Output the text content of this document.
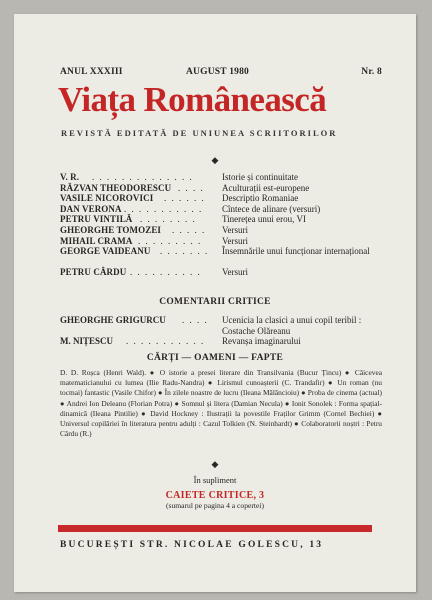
ANUL XXXIII	AUGUST 1980	Nr. 8
Viața Românească
REVISTĂ EDITATĂ DE UNIUNEA SCRIITORILOR
◆
V. R. . . . . . . . . . . . . . .	Istorie și continuitate
RĂZVAN THEODORESCU . . . . Aculturații est-europene
VASILE NICOROVICI . . . . . . Descriptio Romaniae
DAN VERONA . . . . . . . . . . . Cîntece de alinare (versuri)
PETRU VINTILĂ . . . . . . . .	Tinerețea unui erou, VI
GHEORGHE TOMOZEI . . . . . Versuri
MIHAIL CRAMA . . . . . . . . . Versuri
GEORGE VAIDEANU . . . . . . . Însemnările unui funcționar internațional
PETRU CÂRDU . . . . . . . . . . Versuri
COMENTARII CRITICE
GHEORGHE GRIGURCU . . . . Ucenicia la clasici a unui copil teribil : Costache Olăreanu
M. NIȚESCU . . . . . . . . . . . Revanșa imaginarului
CĂRȚI — OAMENI — FAPTE
D. D. Roșca (Henri Wald). ● O istorie a presei literare din Transilvania (Bucur Țincu) ● Căicevea matematicianului cu lumea (Ilie Radu-Nandra) ● Lirismul cunoașterii (C. Trandafir) ● Un roman (nu tocmai) fantastic (Vasile Chifor) ● În zilele noastre de lucru (Ileana Mălăncioiu) ● Proba de cinema (actual) ● Andrei Ion Deleanu (Florian Potra) ● Somnul și litera (Damian Necula) ● Ionit Sonolek : Forma spațial-dinamică (Ileana Pintilie) ● David Hockney : Ilustrații la povestile Fraților Grimm (Cornel Bechiei) ● Universul copilăriei în literatura pentru adulți : Cazul Tolkien (N. Steinhardt) ● Colaboratorii noștri : Petru Cârdu (R.)
◆
În supliment
CAIETE CRITICE, 3
(sumarul pe pagina 4 a copertei)
BUCUREȘTI STR. NICOLAE GOLESCU, 13
